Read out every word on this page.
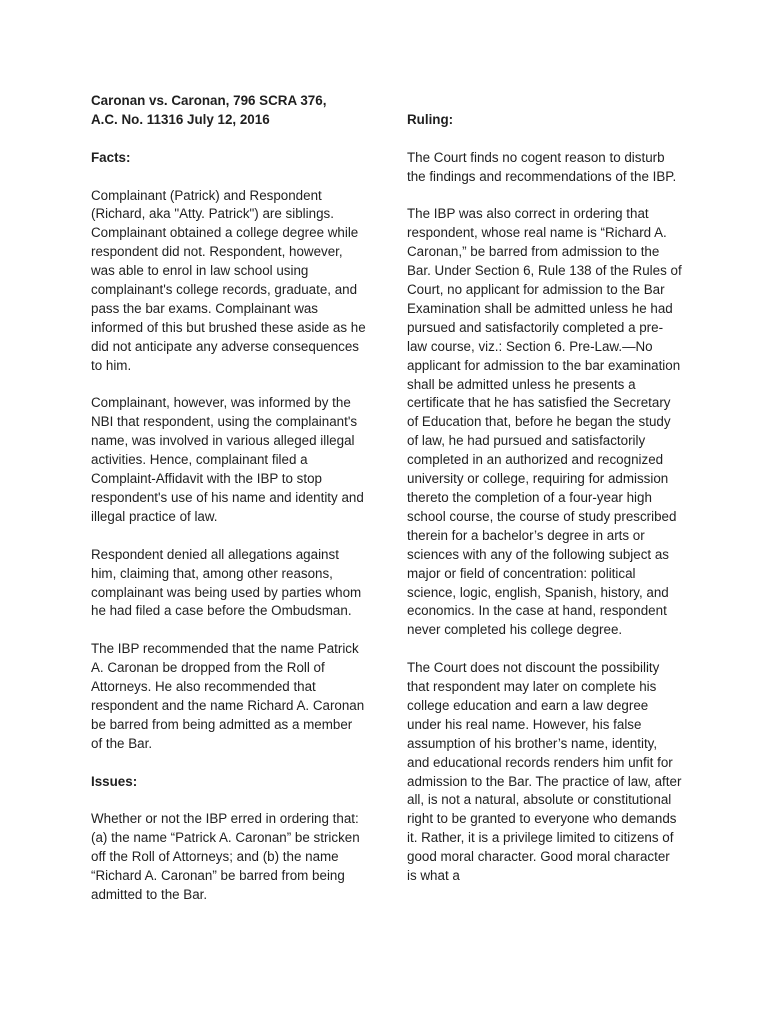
Caronan vs. Caronan, 796 SCRA 376,

A.C. No. 11316 July 12, 2016

Facts:

Complainant (Patrick) and Respondent (Richard, aka "Atty. Patrick") are siblings. Complainant obtained a college degree while respondent did not. Respondent, however, was able to enrol in law school using complainant's college records, graduate, and pass the bar exams. Complainant was informed of this but brushed these aside as he did not anticipate any adverse consequences to him.

Complainant, however, was informed by the NBI that respondent, using the complainant's name, was involved in various alleged illegal activities. Hence, complainant filed a Complaint-Affidavit with the IBP to stop respondent's use of his name and identity and illegal practice of law.

Respondent denied all allegations against him, claiming that, among other reasons, complainant was being used by parties whom he had filed a case before the Ombudsman.

The IBP recommended that the name Patrick A. Caronan be dropped from the Roll of Attorneys. He also recommended that respondent and the name Richard A. Caronan be barred from being admitted as a member of the Bar.

Issues:

Whether or not the IBP erred in ordering that: (a) the name “Patrick A. Caronan” be stricken off the Roll of Attorneys; and (b) the name “Richard A. Caronan” be barred from being admitted to the Bar.

Ruling:

The Court finds no cogent reason to disturb the findings and recommendations of the IBP.

The IBP was also correct in ordering that respondent, whose real name is “Richard A. Caronan,” be barred from admission to the Bar. Under Section 6, Rule 138 of the Rules of Court, no applicant for admission to the Bar Examination shall be admitted unless he had pursued and satisfactorily completed a pre-law course, viz.: Section 6. Pre-Law.—No applicant for admission to the bar examination shall be admitted unless he presents a certificate that he has satisfied the Secretary of Education that, before he began the study of law, he had pursued and satisfactorily completed in an authorized and recognized university or college, requiring for admission thereto the completion of a four-year high school course, the course of study prescribed therein for a bachelor’s degree in arts or sciences with any of the following subject as major or field of concentration: political science, logic, english, Spanish, history, and economics. In the case at hand, respondent never completed his college degree.

The Court does not discount the possibility that respondent may later on complete his college education and earn a law degree under his real name. However, his false assumption of his brother’s name, identity, and educational records renders him unfit for admission to the Bar. The practice of law, after all, is not a natural, absolute or constitutional right to be granted to everyone who demands it. Rather, it is a privilege limited to citizens of good moral character. Good moral character is what a
